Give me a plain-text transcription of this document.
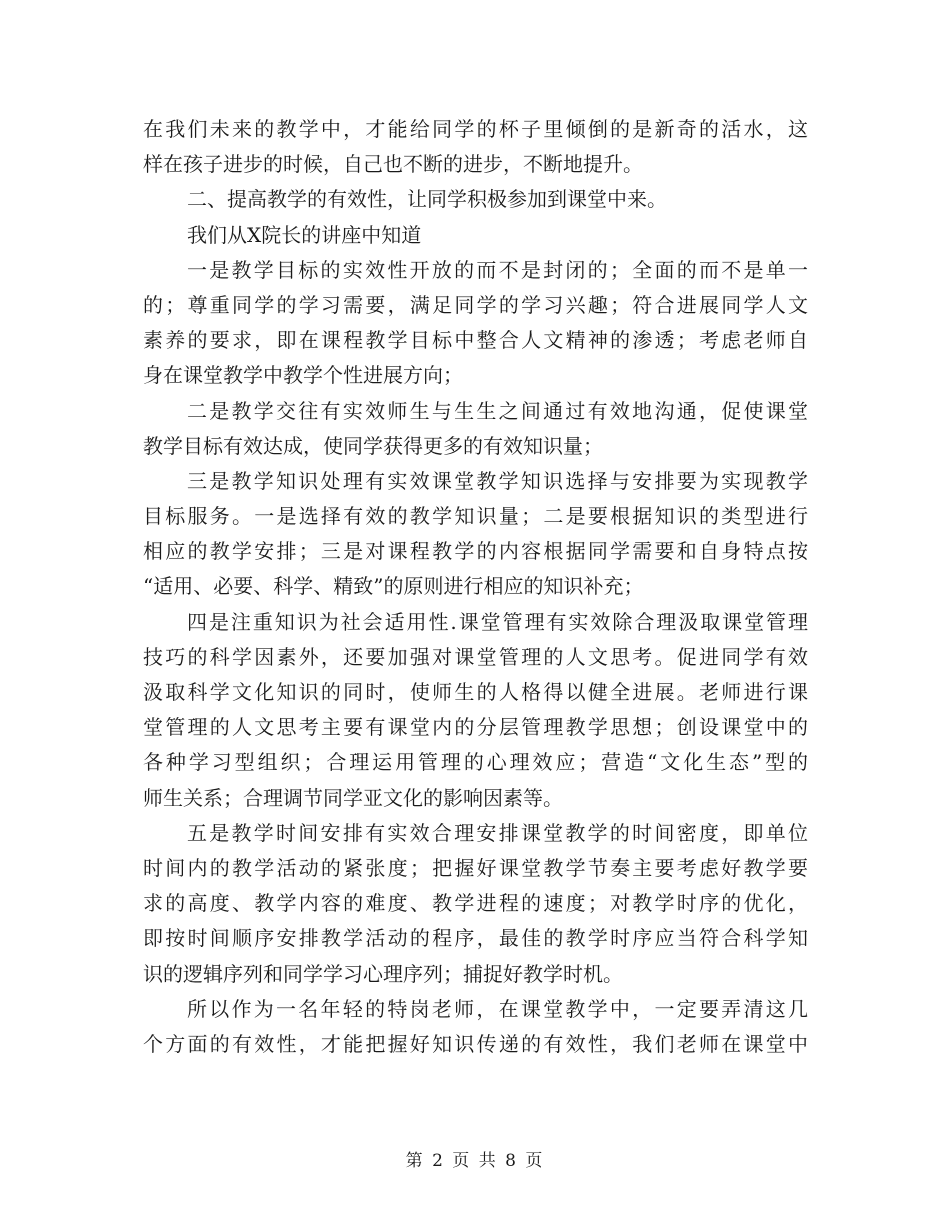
在我们未来的教学中，才能给同学的杯子里倾倒的是新奇的活水，这
样在孩子进步的时候，自己也不断的进步，不断地提升。
二、提高教学的有效性，让同学积极参加到课堂中来。
我们从X院长的讲座中知道
一是教学目标的实效性开放的而不是封闭的；全面的而不是单一
的；尊重同学的学习需要，满足同学的学习兴趣；符合进展同学人文
素养的要求，即在课程教学目标中整合人文精神的渗透；考虑老师自
身在课堂教学中教学个性进展方向；
二是教学交往有实效师生与生生之间通过有效地沟通，促使课堂
教学目标有效达成，使同学获得更多的有效知识量；
三是教学知识处理有实效课堂教学知识选择与安排要为实现教学
目标服务。一是选择有效的教学知识量；二是要根据知识的类型进行
相应的教学安排；三是对课程教学的内容根据同学需要和自身特点按
“适用、必要、科学、精致”的原则进行相应的知识补充；
四是注重知识为社会适用性.课堂管理有实效除合理汲取课堂管理
技巧的科学因素外，还要加强对课堂管理的人文思考。促进同学有效
汲取科学文化知识的同时，使师生的人格得以健全进展。老师进行课
堂管理的人文思考主要有课堂内的分层管理教学思想；创设课堂中的
各种学习型组织；合理运用管理的心理效应；营造“文化生态”型的
师生关系；合理调节同学亚文化的影响因素等。
五是教学时间安排有实效合理安排课堂教学的时间密度，即单位
时间内的教学活动的紧张度；把握好课堂教学节奏主要考虑好教学要
求的高度、教学内容的难度、教学进程的速度；对教学时序的优化，
即按时间顺序安排教学活动的程序，最佳的教学时序应当符合科学知
识的逻辑序列和同学学习心理序列；捕捉好教学时机。
所以作为一名年轻的特岗老师，在课堂教学中，一定要弄清这几
个方面的有效性，才能把握好知识传递的有效性，我们老师在课堂中
第 2 页 共 8 页
